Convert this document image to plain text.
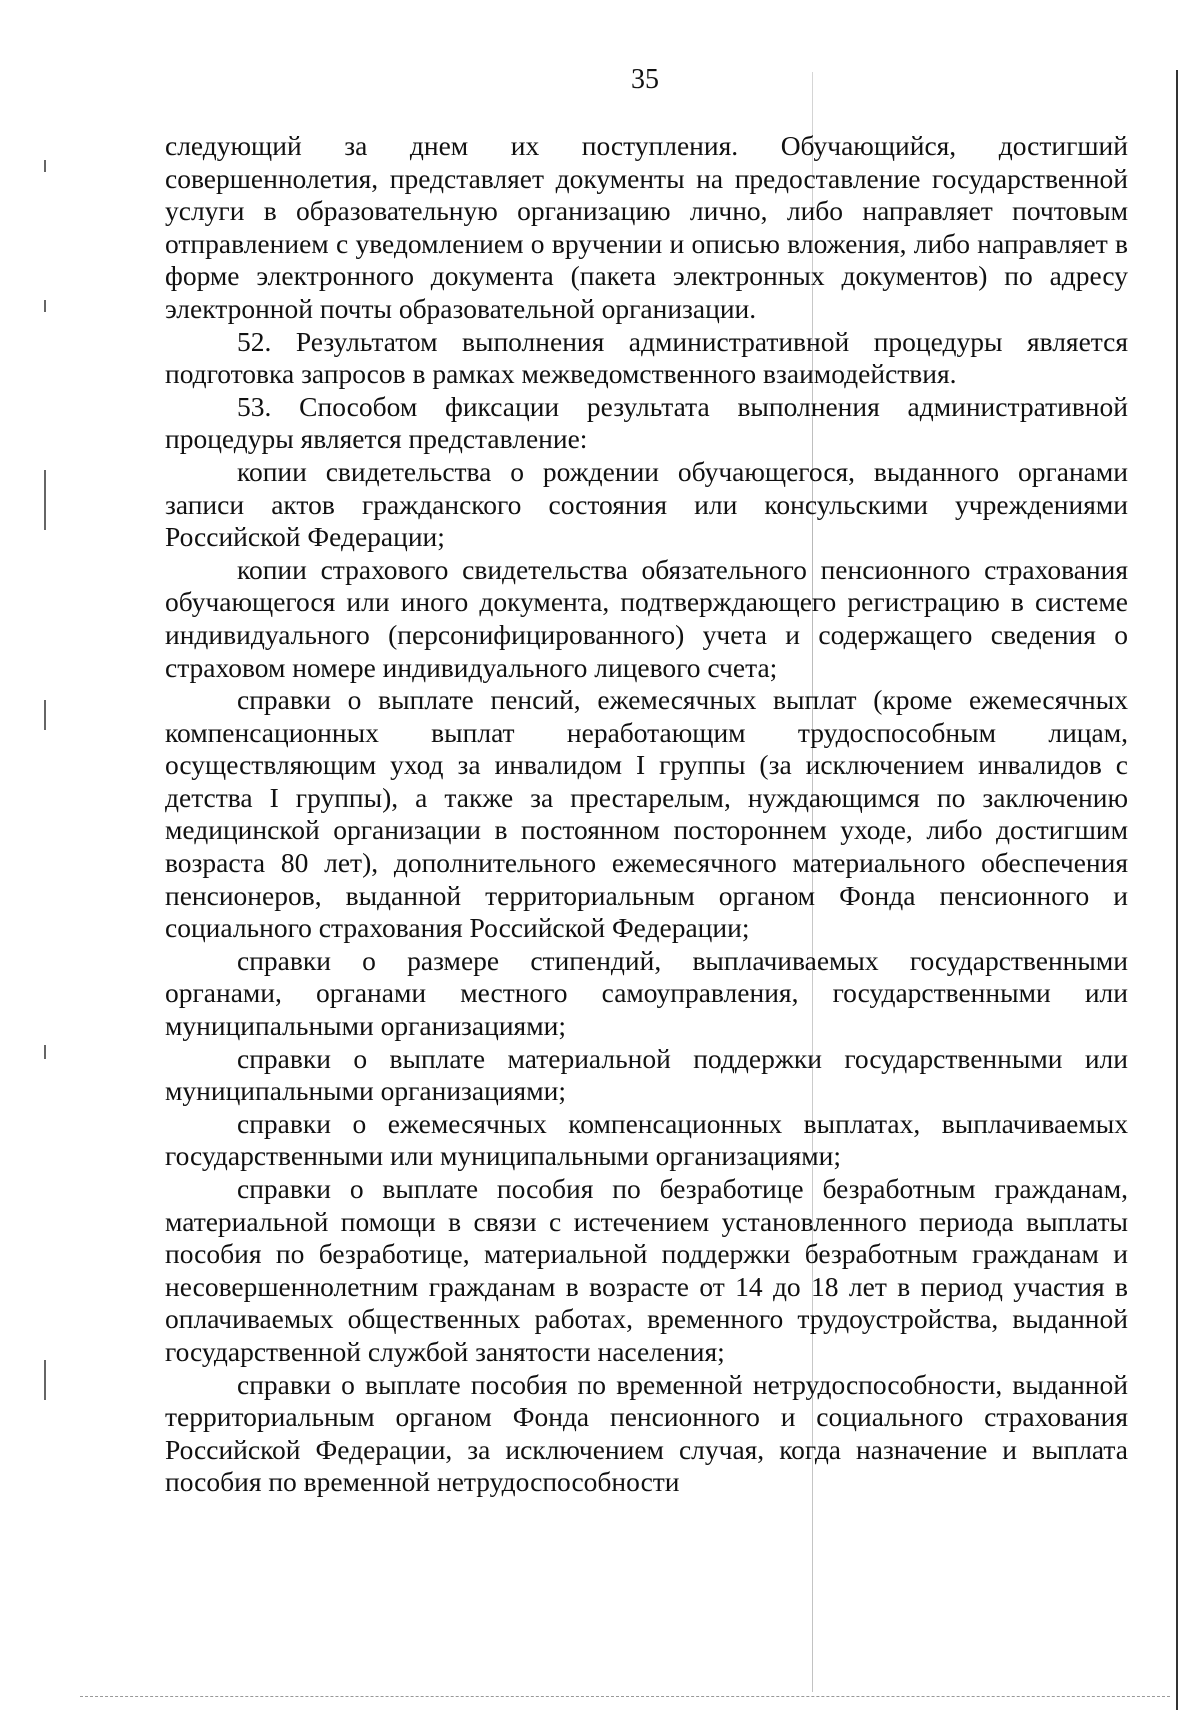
35

следующий за днем их поступления. Обучающийся, достигший совершеннолетия, представляет документы на предоставление государственной услуги в образовательную организацию лично, либо направляет почтовым отправлением с уведомлением о вручении и описью вложения, либо направляет в форме электронного документа (пакета электронных документов) по адресу электронной почты образовательной организации.

52. Результатом выполнения административной процедуры является подготовка запросов в рамках межведомственного взаимодействия.

53. Способом фиксации результата выполнения административной процедуры является представление:

копии свидетельства о рождении обучающегося, выданного органами записи актов гражданского состояния или консульскими учреждениями Российской Федерации;

копии страхового свидетельства обязательного пенсионного страхования обучающегося или иного документа, подтверждающего регистрацию в системе индивидуального (персонифицированного) учета и содержащего сведения о страховом номере индивидуального лицевого счета;

справки о выплате пенсий, ежемесячных выплат (кроме ежемесячных компенсационных выплат неработающим трудоспособным лицам, осуществляющим уход за инвалидом I группы (за исключением инвалидов с детства I группы), а также за престарелым, нуждающимся по заключению медицинской организации в постоянном постороннем уходе, либо достигшим возраста 80 лет), дополнительного ежемесячного материального обеспечения пенсионеров, выданной территориальным органом Фонда пенсионного и социального страхования Российской Федерации;

справки о размере стипендий, выплачиваемых государственными органами, органами местного самоуправления, государственными или муниципальными организациями;

справки о выплате материальной поддержки государственными или муниципальными организациями;

справки о ежемесячных компенсационных выплатах, выплачиваемых государственными или муниципальными организациями;

справки о выплате пособия по безработице безработным гражданам, материальной помощи в связи с истечением установленного периода выплаты пособия по безработице, материальной поддержки безработным гражданам и несовершеннолетним гражданам в возрасте от 14 до 18 лет в период участия в оплачиваемых общественных работах, временного трудоустройства, выданной государственной службой занятости населения;

справки о выплате пособия по временной нетрудоспособности, выданной территориальным органом Фонда пенсионного и социального страхования Российской Федерации, за исключением случая, когда назначение и выплата пособия по временной нетрудоспособности
